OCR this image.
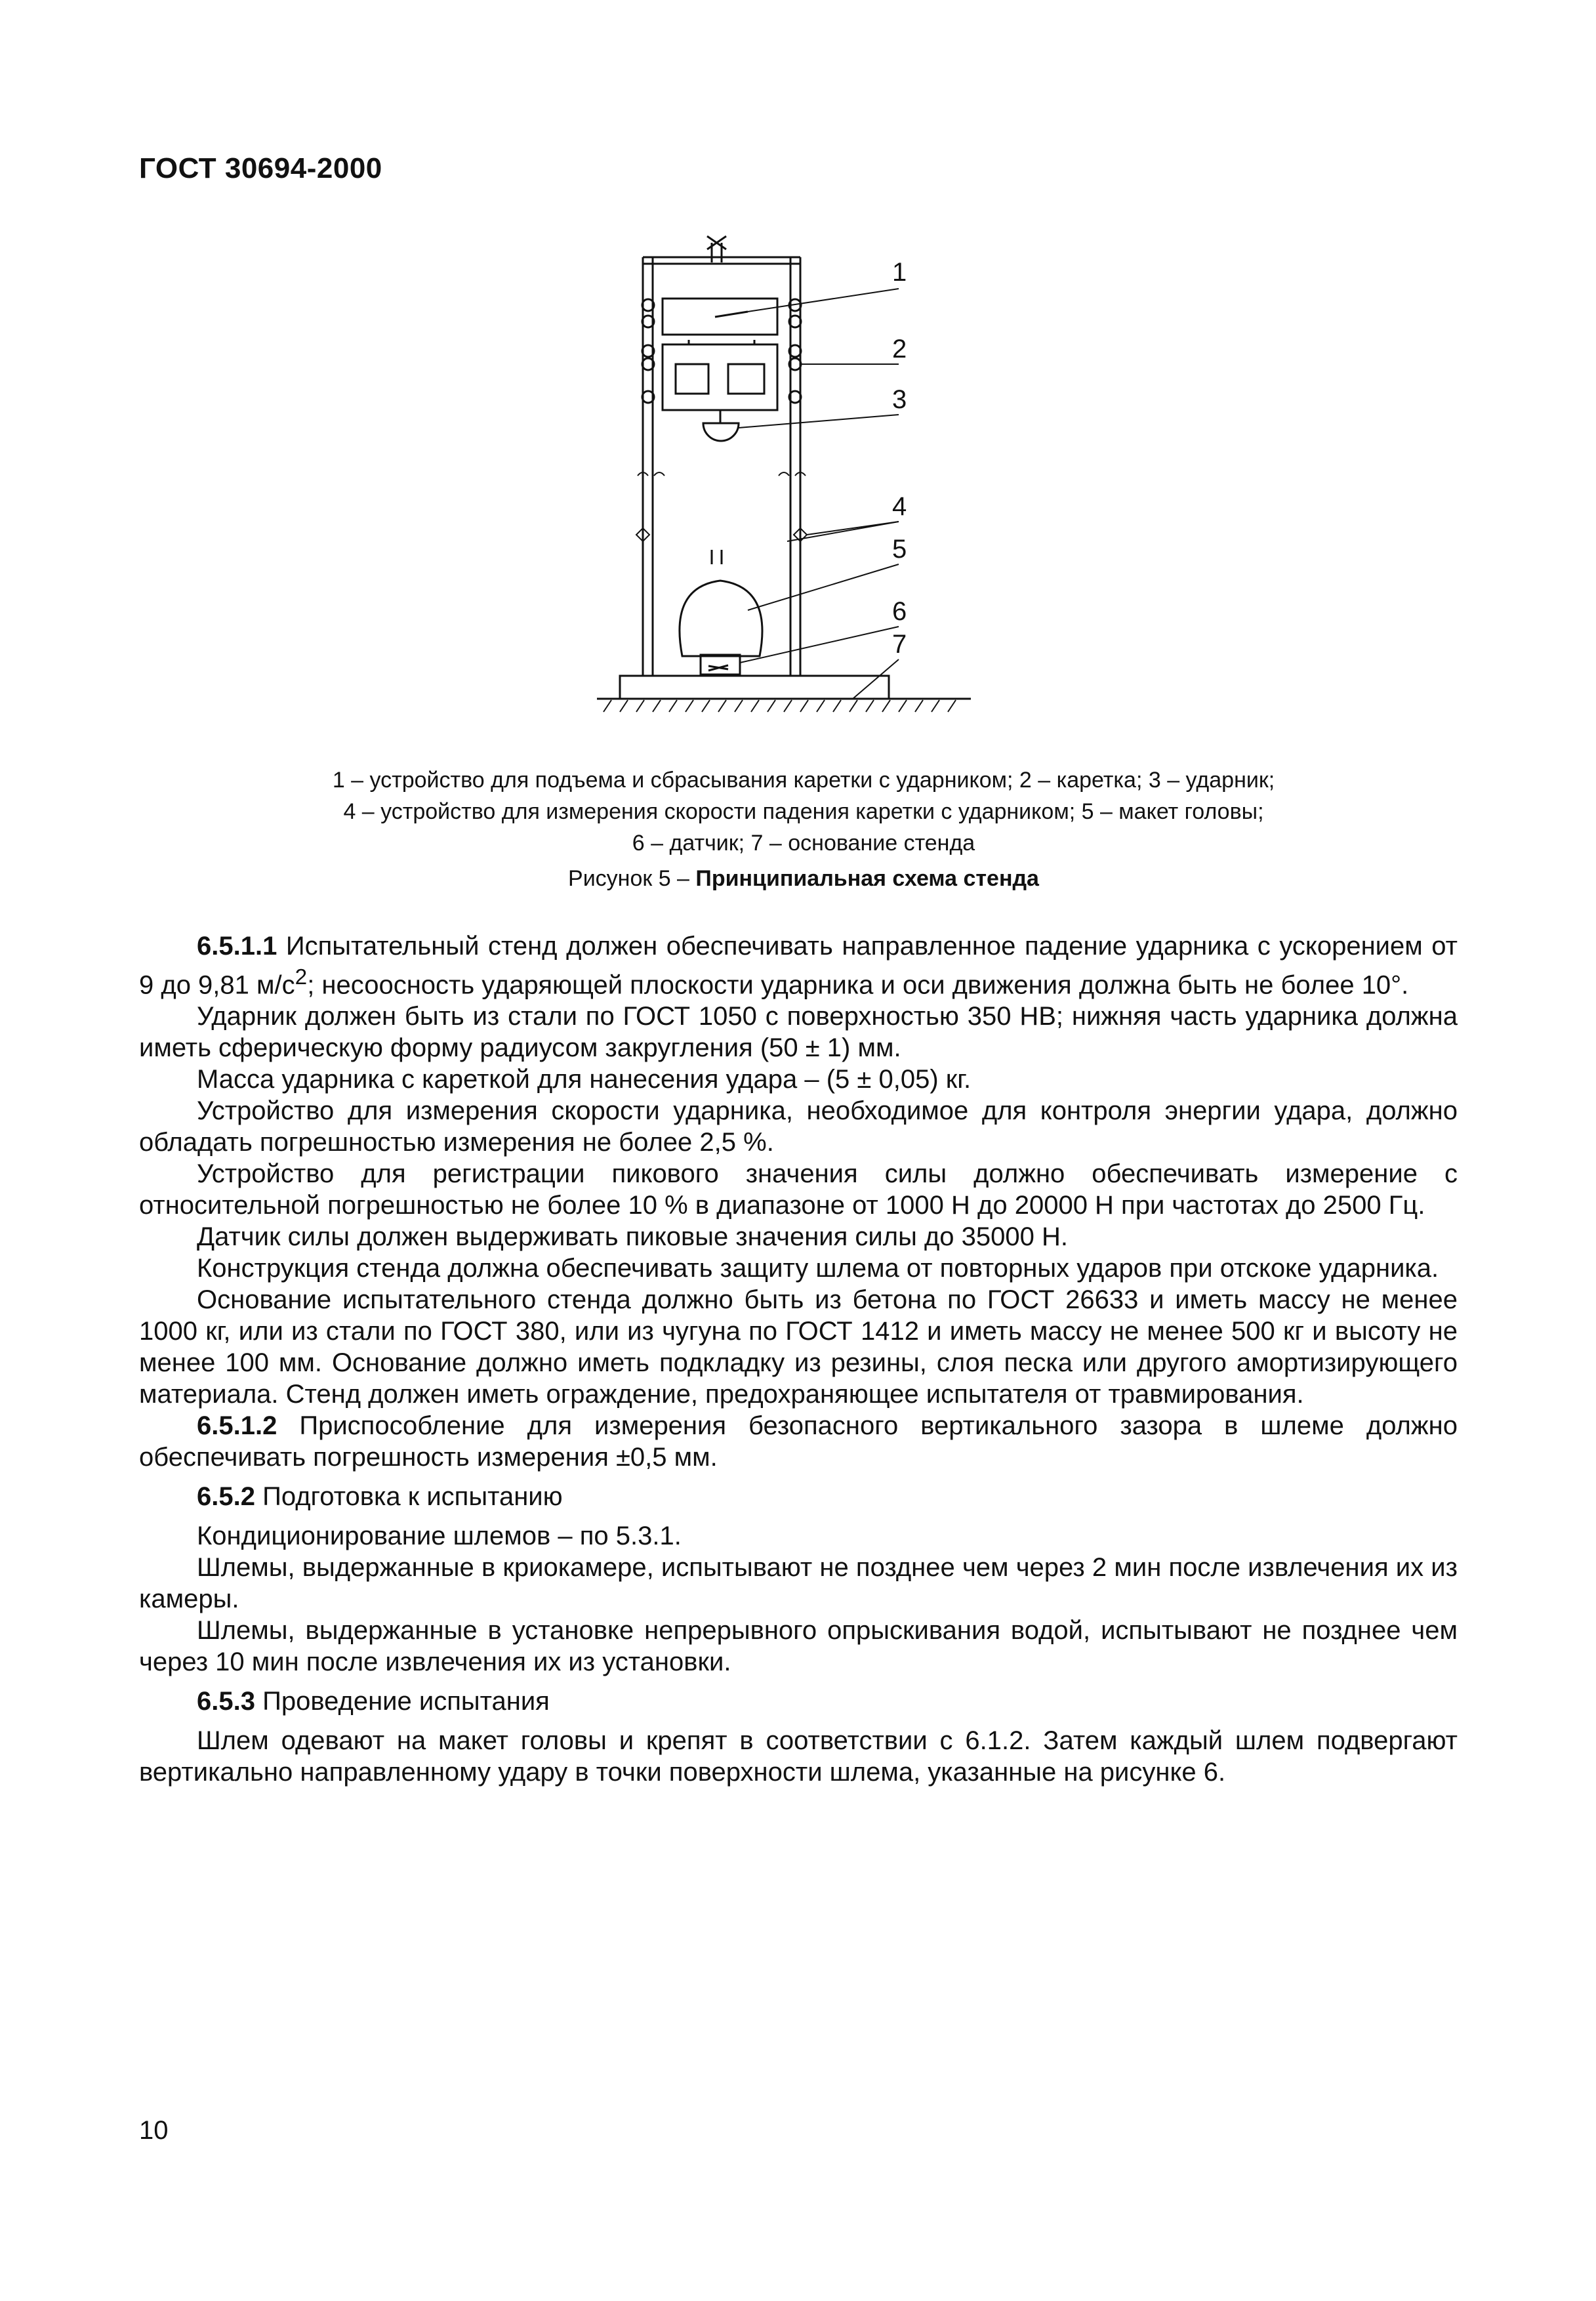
ГОСТ 30694-2000
1
2
3
4
5
6
7
1 – устройство для подъема и сбрасывания каретки с ударником; 2 – каретка; 3 – ударник;
4 – устройство для измерения скорости падения каретки с ударником; 5 – макет головы;
6 – датчик; 7 – основание стенда
Рисунок 5 – Принципиальная схема стенда

6.5.1.1 Испытательный стенд должен обеспечивать направленное падение ударника с ускорением от 9 до 9,81 $м/с^2$; несоосность ударяющей плоскости ударника и оси движения должна быть не более 10°.

Ударник должен быть из стали по ГОСТ 1050 с поверхностью 350 НВ; нижняя часть ударника должна иметь сферическую форму радиусом закругления (50 ± 1) мм.

Масса ударника с кареткой для нанесения удара – (5 ± 0,05) кг.

Устройство для измерения скорости ударника, необходимое для контроля энергии удара, должно обладать погрешностью измерения не более 2,5 %.

Устройство для регистрации пикового значения силы должно обеспечивать измерение с относительной погрешностью не более 10 % в диапазоне от 1000 Н до 20000 Н при частотах до 2500 Гц.

Датчик силы должен выдерживать пиковые значения силы до 35000 Н.

Конструкция стенда должна обеспечивать защиту шлема от повторных ударов при отскоке ударника.

Основание испытательного стенда должно быть из бетона по ГОСТ 26633 и иметь массу не менее 1000 кг, или из стали по ГОСТ 380, или из чугуна по ГОСТ 1412 и иметь массу не менее 500 кг и высоту не менее 100 мм. Основание должно иметь подкладку из резины, слоя песка или другого амортизирующего материала. Стенд должен иметь ограждение, предохраняющее испытателя от травмирования.

6.5.1.2 Приспособление для измерения безопасного вертикального зазора в шлеме должно обеспечивать погрешность измерения ±0,5 мм.

6.5.2 Подготовка к испытанию

Кондиционирование шлемов – по 5.3.1.

Шлемы, выдержанные в криокамере, испытывают не позднее чем через 2 мин после извлечения их из камеры.

Шлемы, выдержанные в установке непрерывного опрыскивания водой, испытывают не позднее чем через 10 мин после извлечения их из установки.

6.5.3 Проведение испытания

Шлем одевают на макет головы и крепят в соответствии с 6.1.2. Затем каждый шлем подвергают вертикально направленному удару в точки поверхности шлема, указанные на рисунке 6.

10
